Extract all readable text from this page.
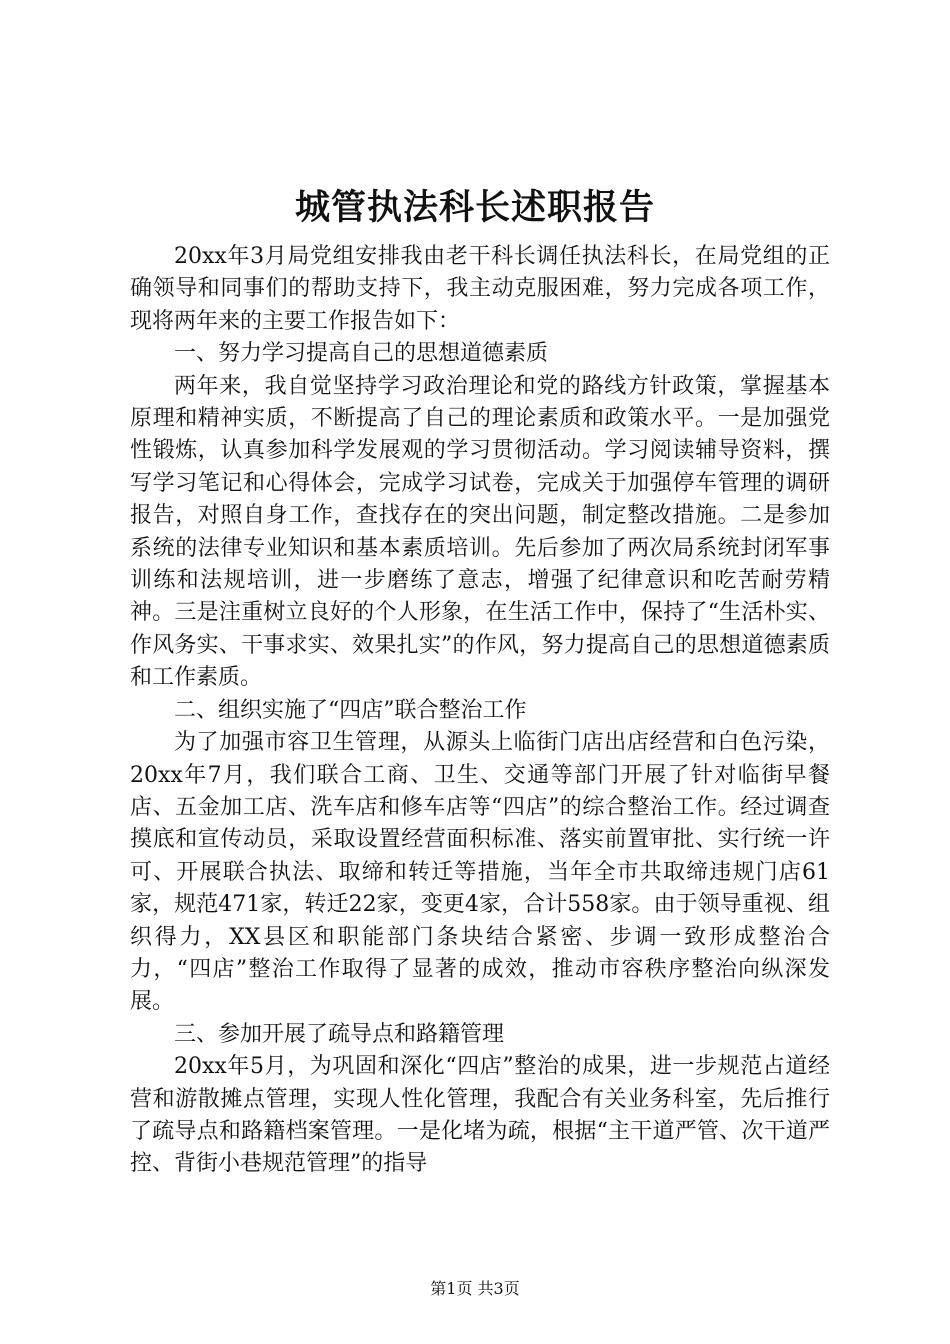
城管执法科长述职报告

20xx年3月局党组安排我由老干科长调任执法科长，在局党组的正确领导和同事们的帮助支持下，我主动克服困难，努力完成各项工作，现将两年来的主要工作报告如下：

一、努力学习提高自己的思想道德素质

两年来，我自觉坚持学习政治理论和党的路线方针政策，掌握基本原理和精神实质，不断提高了自己的理论素质和政策水平。一是加强党性锻炼，认真参加科学发展观的学习贯彻活动。学习阅读辅导资料，撰写学习笔记和心得体会，完成学习试卷，完成关于加强停车管理的调研报告，对照自身工作，查找存在的突出问题，制定整改措施。二是参加系统的法律专业知识和基本素质培训。先后参加了两次局系统封闭军事训练和法规培训，进一步磨练了意志，增强了纪律意识和吃苦耐劳精神。三是注重树立良好的个人形象，在生活工作中，保持了“生活朴实、作风务实、干事求实、效果扎实”的作风，努力提高自己的思想道德素质和工作素质。

二、组织实施了“四店”联合整治工作

为了加强市容卫生管理，从源头上临街门店出店经营和白色污染，20xx年7月，我们联合工商、卫生、交通等部门开展了针对临街早餐店、五金加工店、洗车店和修车店等“四店”的综合整治工作。经过调查摸底和宣传动员，采取设置经营面积标准、落实前置审批、实行统一许可、开展联合执法、取缔和转迁等措施，当年全市共取缔违规门店61家，规范471家，转迁22家，变更4家，合计558家。由于领导重视、组织得力，XX县区和职能部门条块结合紧密、步调一致形成整治合力，“四店”整治工作取得了显著的成效，推动市容秩序整治向纵深发展。

三、参加开展了疏导点和路籍管理

20xx年5月，为巩固和深化“四店”整治的成果，进一步规范占道经营和游散摊点管理，实现人性化管理，我配合有关业务科室，先后推行了疏导点和路籍档案管理。一是化堵为疏，根据“主干道严管、次干道严控、背街小巷规范管理”的指导

第1页 共3页
